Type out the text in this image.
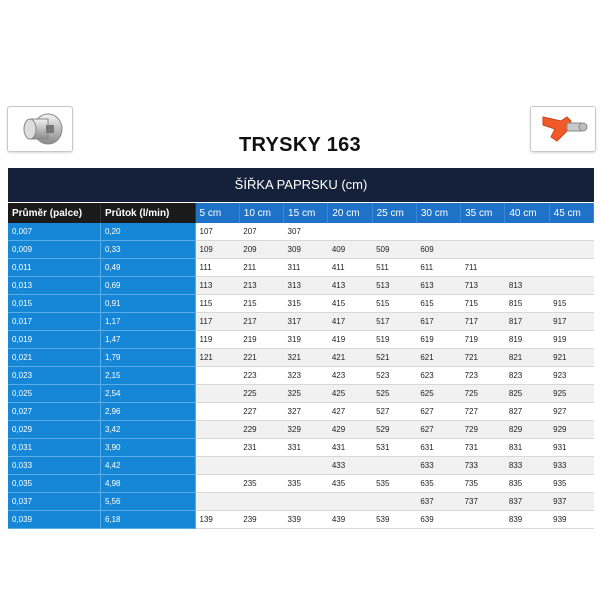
TRYSKY 163
ŠÍŘKA PAPRSKU (cm)
Průměr (palce)	Průtok (l/min)	5 cm	10 cm	15 cm	20 cm	25 cm	30 cm	35 cm	40 cm	45 cm
0,007	0,20	107	207	307						
0,009	0,33	109	209	309	409	509	609			
0,011	0,49	111	211	311	411	511	611	711		
0,013	0,69	113	213	313	413	513	613	713	813	
0,015	0,91	115	215	315	415	515	615	715	815	915
0,017	1,17	117	217	317	417	517	617	717	817	917
0,019	1,47	119	219	319	419	519	619	719	819	919
0,021	1,79	121	221	321	421	521	621	721	821	921
0,023	2,15		223	323	423	523	623	723	823	923
0,025	2,54		225	325	425	525	625	725	825	925
0,027	2,96		227	327	427	527	627	727	827	927
0,029	3,42		229	329	429	529	627	729	829	929
0,031	3,90		231	331	431	531	631	731	831	931
0,033	4,42				433		633	733	833	933
0,035	4,98		235	335	435	535	635	735	835	935
0,037	5,56						637	737	837	937
0,039	6,18	139	239	339	439	539	639		839	939
